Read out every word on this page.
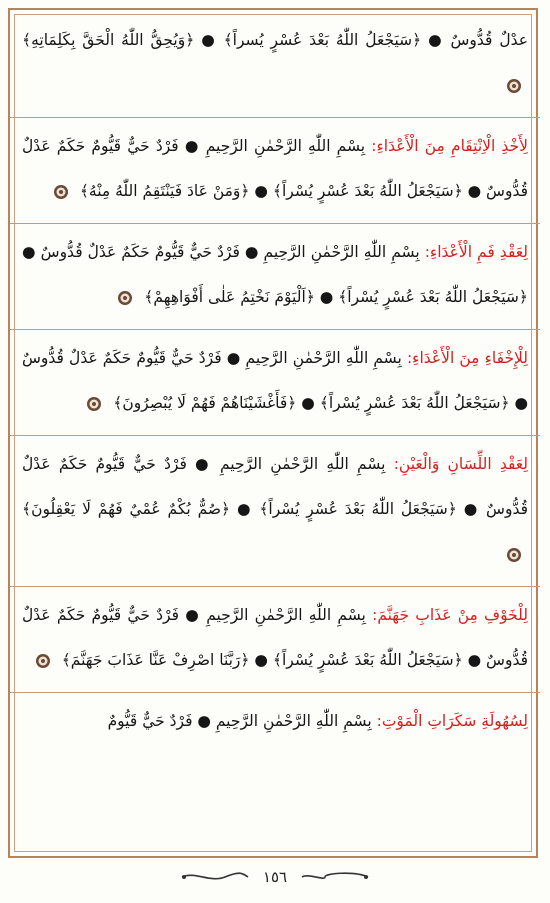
عدْلٌ قُدُّوسٌ ● ﴿سَيَجْعَلُ اللّٰهُ بَعْدَ عُسْرٍ يُسراً﴾ ● ﴿وَيُحِقُّ اللّٰهُ الْحَقَّ بِكَلِمَاتِهِ﴾
لِأَخْذِ الْاِنْتِقَامِ مِنَ الْأَعْدَاءِ: بِسْمِ اللّٰهِ الرَّحْمٰنِ الرَّحِيمِ ● فَرْدٌ حَيٌّ قَيُّومٌ حَكَمٌ عَدْلٌ قُدُّوسٌ ● ﴿سَيَجْعَلُ اللّٰهُ بَعْدَ عُسْرٍ يُسْراً﴾ ● ﴿وَمَنْ عَادَ فَيَنْتَقِمُ اللّٰهُ مِنْهُ﴾
لِعَقْدِ فَمِ الْأَعْدَاءِ: بِسْمِ اللّٰهِ الرَّحْمٰنِ الرَّحِيمِ ● فَرْدٌ حَيٌّ قَيُّومٌ حَكَمٌ عَدْلٌ قُدُّوسٌ ● ﴿سَيَجْعَلُ اللّٰهُ بَعْدَ عُسْرٍ يُسْراً﴾ ● ﴿اَلْيَوْمَ نَخْتِمُ عَلٰى أَفْوَاهِهِمْ﴾
لِلْإِخْفَاءِ مِنَ الْأَعْدَاءِ: بِسْمِ اللّٰهِ الرَّحْمٰنِ الرَّحِيمِ ● فَرْدٌ حَيٌّ قَيُّومٌ حَكَمٌ عَدْلٌ قُدُّوسٌ ● ﴿سَيَجْعَلُ اللّٰهُ بَعْدَ عُسْرٍ يُسْراً﴾ ● ﴿فَأَغْشَيْنَاهُمْ فَهُمْ لَا يُبْصِرُونَ﴾
لِعَقْدِ اللِّسَانِ وَالْعَيْنِ: بِسْمِ اللّٰهِ الرَّحْمٰنِ الرَّحِيمِ ● فَرْدٌ حَيٌّ قَيُّومٌ حَكَمٌ عَدْلٌ قُدُّوسٌ ● ﴿سَيَجْعَلُ اللّٰهُ بَعْدَ عُسْرٍ يُسْراً﴾ ● ﴿صُمٌّ بُكْمٌ عُمْيٌ فَهُمْ لَا يَعْقِلُونَ﴾
لِلْخَوْفِ مِنْ عَذَابِ جَهَنَّمَ: بِسْمِ اللّٰهِ الرَّحْمٰنِ الرَّحِيمِ ● فَرْدٌ حَيٌّ قَيُّومٌ حَكَمٌ عَدْلٌ قُدُّوسٌ ● ﴿سَيَجْعَلُ اللّٰهُ بَعْدَ عُسْرٍ يُسْراً﴾ ● ﴿رَبَّنَا اصْرِفْ عَنَّا عَذَابَ جَهَنَّمَ﴾
لِسُهُولَةِ سَكَرَاتِ الْمَوْتِ: بِسْمِ اللّٰهِ الرَّحْمٰنِ الرَّحِيمِ ● فَرْدٌ حَيٌّ قَيُّومٌ
١٥٦
